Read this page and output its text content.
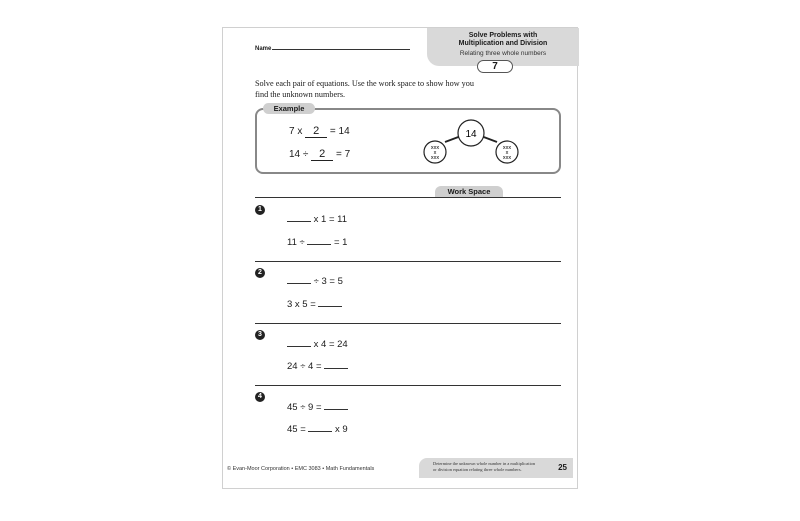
Name
Solve Problems with
Multiplication and Division
Relating three whole numbers
7
Solve each pair of equations. Use the work space to show how you
find the unknown numbers.
Example
7 x 2 = 14
14 ÷ 2 = 7
14
xxx
x
xxx
xxx
x
xxx
Work Space
1
x 1 = 11
11 ÷	= 1
2
÷ 3 = 5
3 x 5 =
3
x 4 = 24
24 ÷ 4 =
4
45 ÷ 9 =
45 =	x 9
© Evan-Moor Corporation • EMC 3083 • Math Fundamentals
Determine the unknown whole number in a multiplication
or division equation relating three whole numbers.	25
